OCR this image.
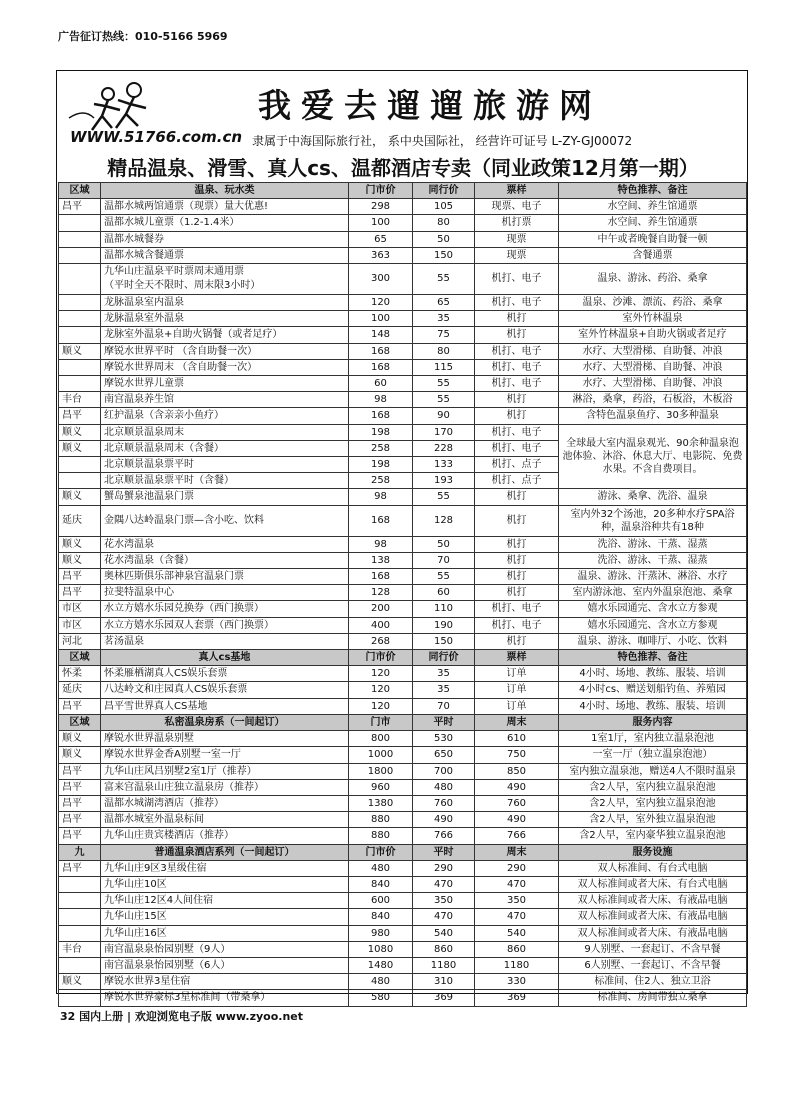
广告征订热线：010-5166 5969
我爱去遛遛旅游网
WWW.51766.com.cn 隶属于中海国际旅行社， 系中央国际社， 经营许可证号 L-ZY-GJ00072
精品温泉、滑雪、真人cs、温都酒店专卖（同业政策12月第一期）
区域	温泉、玩水类	门市价	同行价	票样	特色推荐、备注
昌平	温都水城两馆通票（现票）量大优惠!	298	105	现票、电子	水空间、养生馆通票
	温都水城儿童票（1.2-1.4米）	100	80	机打票	水空间、养生馆通票
	温都水城餐券	65	50	现票	中午或者晚餐自助餐一顿
	温都水城含餐通票	363	150	现票	含餐通票
	九华山庄温泉平时票周末通用票
（平时全天不限时、周末限3小时）	300	55	机打、电子	温泉、游泳、药浴、桑拿
	龙脉温泉室内温泉	120	65	机打、电子	温泉、沙滩、漂流、药浴、桑拿
	龙脉温泉室外温泉	100	35	机打	室外竹林温泉
	龙脉室外温泉+自助火锅餐（或者足疗）	148	75	机打	室外竹林温泉+自助火锅或者足疗
顺义	摩锐水世界平时 （含自助餐一次）	168	80	机打、电子	水疗、大型滑梯、自助餐、冲浪
	摩锐水世界周末 （含自助餐一次）	168	115	机打、电子	水疗、大型滑梯、自助餐、冲浪
	摩锐水世界儿童票	60	55	机打、电子	水疗、大型滑梯、自助餐、冲浪
丰台	南宫温泉养生馆	98	55	机打	淋浴，桑拿，药浴，石板浴，木板浴
昌平	红护温泉（含亲亲小鱼疗）	168	90	机打	含特色温泉鱼疗、30多种温泉
顺义	北京顺景温泉周末	198	170	机打、电子	全球最大室内温泉观光、90余种温泉泡池体验、沐浴、休息大厅、电影院、免费水果。不含自费项目。
顺义	北京顺景温泉周末（含餐）	258	228	机打、电子	
	北京顺景温泉票平时	198	133	机打、点子	
	北京顺景温泉票平时（含餐）	258	193	机打、点子	
顺义	蟹岛蟹泉池温泉门票	98	55	机打	游泳、桑拿、洗浴、温泉
延庆	金隅八达岭温泉门票—含小吃、饮料	168	128	机打	室内外32个汤池，20多种水疗SPA浴种，温泉浴种共有18种
顺义	花水湾温泉	98	50	机打	洗浴、游泳、干蒸、湿蒸
顺义	花水湾温泉（含餐）	138	70	机打	洗浴、游泳、干蒸、湿蒸
昌平	奥林匹斯俱乐部神泉宫温泉门票	168	55	机打	温泉、游泳、汗蒸沐、淋浴、水疗
昌平	拉斐特温泉中心	128	60	机打	室内游泳池、室内外温泉泡池、桑拿
市区	水立方嬉水乐园兑换券（西门换票）	200	110	机打、电子	嬉水乐园通完、含水立方参观
市区	水立方嬉水乐园双人套票（西门换票）	400	190	机打、电子	嬉水乐园通完、含水立方参观
河北	茗汤温泉	268	150	机打	温泉、游泳、咖啡厅、小吃、饮料
区域	真人cs基地	门市价	同行价	票样	特色推荐、备注
怀柔	怀柔雁栖湖真人CS娱乐套票	120	35	订单	4小时、场地、教练、服装、培训
延庆	八达岭文和庄园真人CS娱乐套票	120	35	订单	4小时cs、赠送划船钓鱼、养殖园
昌平	昌平雪世界真人CS基地	120	70	订单	4小时、场地、教练、服装、培训
区域	私密温泉房系（一间起订）	门市	平时	周末	服务内容
顺义	摩锐水世界温泉别墅	800	530	610	1室1厅，室内独立温泉泡池
顺义	摩锐水世界金香A别墅一室一厅	1000	650	750	一室一厅（独立温泉泡池）
昌平	九华山庄风吕别墅2室1厅（推荐）	1800	700	850	室内独立温泉池，赠送4人不限时温泉
昌平	富来宫温泉山庄独立温泉房（推荐）	960	480	490	含2人早，室内独立温泉泡池
昌平	温都水城湖湾酒店（推荐）	1380	760	760	含2人早，室内独立温泉泡池
昌平	温都水城室外温泉标间	880	490	490	含2人早，室外独立温泉泡池
昌平	九华山庄贵宾楼酒店（推荐）	880	766	766	含2人早，室内豪华独立温泉泡池
九	普通温泉酒店系列（一间起订）	门市价	平时	周末	服务设施
昌平	九华山庄9区3星级住宿	480	290	290	双人标准间、有台式电脑
	九华山庄10区	840	470	470	双人标准间或者大床、有台式电脑
	九华山庄12区4人间住宿	600	350	350	双人标准间或者大床、有液晶电脑
	九华山庄15区	840	470	470	双人标准间或者大床、有液晶电脑
	九华山庄16区	980	540	540	双人标准间或者大床、有液晶电脑
丰台	南宫温泉泉怡园别墅（9人）	1080	860	860	9人别墅、一套起订、不含早餐
	南宫温泉泉怡园别墅（6人）	1480	1180	1180	6人别墅、一套起订、不含早餐
顺义	摩锐水世界3星住宿	480	310	330	标准间、住2人、独立卫浴
	摩锐水世界豪标3星标准间（带桑拿）	580	369	369	标准间、房间带独立桑拿
32 国内上册 | 欢迎浏览电子版 www.zyoo.net
